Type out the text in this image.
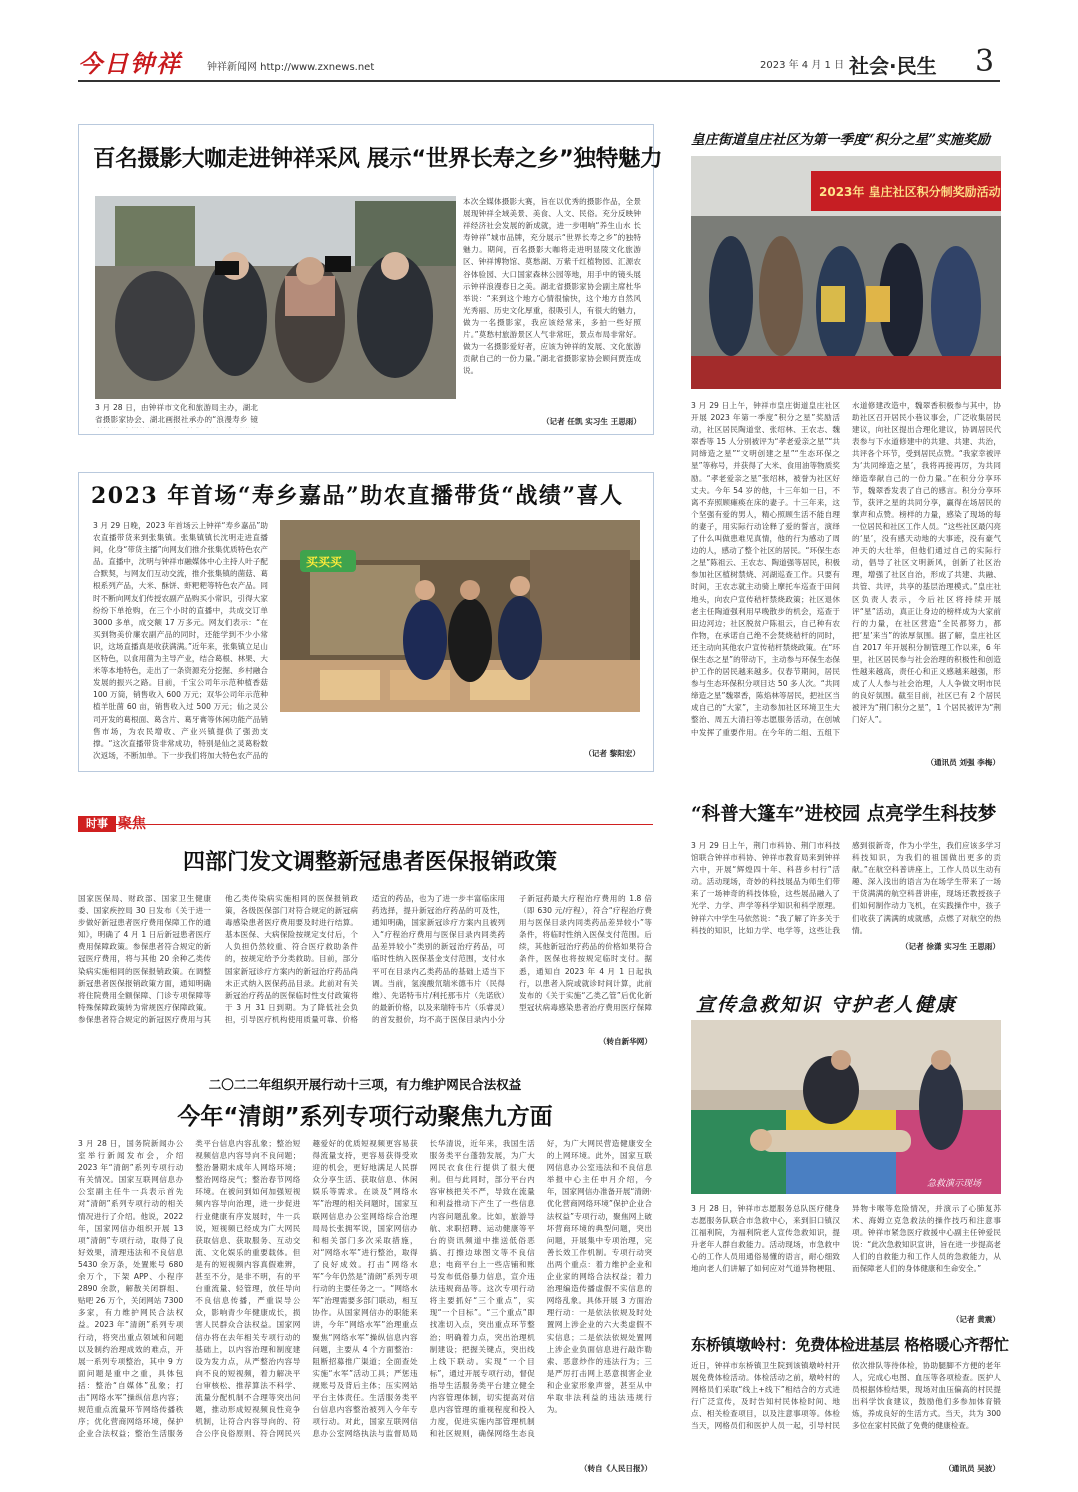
今日钟祥	钟祥新闻网 http://www.zxnews.net	2023 年 4 月 1 日 社会·民生 3
百名摄影大咖走进钟祥采风 展示“世界长寿之乡”独特魅力
3 月 28 日，由钟祥市文化和旅游局主办，湖北省摄影家协会、湖北画报社承办的“浪漫寿乡 镜
本次全媒体摄影大赛，旨在以优秀的摄影作品，全景展现钟祥全域美景、美食、人文、民俗。充分反映钟祥经济社会发展的新成就，进一步唱响“养生山水 长寿钟祥”城市品牌，充分展示“世界长寿之乡”的独特魅力。期间，百名摄影大咖将走进明显陵文化旅游区、钟祥博物馆、莫愁湖、万紫千红植物园、汇源农谷体验园、大口国家森林公园等地，用手中的镜头展示钟祥浪漫春日之美。湖北省摄影家协会副主席杜华举说：“来到这个地方心情很愉快，这个地方自然风光秀丽、历史文化厚重，很吸引人，有很大的魅力，做为一名摄影家，我应该经常来，多拍一些好照片。”莫愁村旅游景区人气非常旺，景点布局非常好。做为一名摄影爱好者，应该为钟祥的发展、文化旅游贡献自己的一份力量。”湖北省摄影家协会顾问贾连成说。
（记者 任凯 实习生 王思雨）
2023 年首场“寿乡嘉品”助农直播带货“战绩”喜人
3 月 29 日晚，2023 年首场云上钟祥“寿乡嘉品”助农直播带货来到张集镇。张集镇镇长沈明走进直播间，化身“带货主播”向网友们推介张集优质特色农产品。直播中，沈明与钟祥市融媒体中心主持人叶子配合默契，与网友们互动交流，推介张集镇的菌菇、葛根系列产品，大米、酥饼、虾粑粑等特色农产品。同时不断向网友们传授农副产品购买小常识，引得大家纷纷下单抢购，在三个小时的直播中，共成交订单 3000 多单，成交额 17 万多元。网友们表示：“在买到物美价廉农副产品的同时，还能学到不少小常识，这场直播真是收获满满。”近年来，张集镇立足山区特色，以食用菌为主导产业，结合葛根、林果、大米等本地特色，走出了一条资源充分挖掘、乡村融合发展的振兴之路。目前，千宝公司年示范种植香菇 100 万筒，销售收入 600 万元；双华公司年示范种植羊肚菌 60 亩，销售收入过 500 万元；仙之灵公司开发的葛根面、葛含片、葛牙膏等休闲功能产品销售市场，为农民增收、产业兴镇提供了强劲支撑。“这次直播带货非常成功，特别是仙之灵葛粉数次返场，不断加单。下一步我们将加大特色农产品的
买买买
（记者 黎阳宏）
时事 聚焦
四部门发文调整新冠患者医保报销政策
国家医保局、财政部、国家卫生健康委、国家疾控局 30 日发布《关于进一步做好新冠患者医疗费用保障工作的通知》，明确了 4 月 1 日后新冠患者医疗费用保障政策。参保患者符合规定的新冠医疗费用，将与其他 20 余种乙类传染病实施相同的医保报销政策。在调整新冠患者医保报销政策方面，通知明确将住院费用全额保障、门诊专项保障等特殊保障政策转为常规医疗保障政策。参保患者符合规定的新冠医疗费用与其他乙类传染病实施相同的医保报销政策，各级医保部门对符合规定的新冠病毒感染患者医疗费用要及时进行结算。基本医保、大病保险按规定支付后，个人负担仍然较重、符合医疗救助条件的，按规定给予分类救助。目前，部分国家新冠诊疗方案内的新冠治疗药品尚未正式纳入医保药品目录。此前对有关新冠治疗药品的医保临时性支付政策将于 3 月 31 日到期。为了降低社会负担，引导医疗机构使用质量可靠、价格适宜的药品，也为了进一步丰富临床用药选择，提升新冠治疗药品的可及性，通知明确，国家新冠诊疗方案内且被列入“疗程治疗费用与医保目录内同类药品差异较小”类别的新冠治疗药品，可临时性纳入医保基金支付范围，支付水平可在目录内乙类药品的基础上适当下调。当前，氢溴酸氘瑞米德韦片（民得维）、先诺特韦片/利托那韦片（先诺欣）的最新价格，以及来瑞特韦片（乐睿灵）的首发报价，均不高于医保目录内小分子新冠药最大疗程治疗费用的 1.8 倍（即 630 元/疗程），符合“疗程治疗费用与医保目录内同类药品差异较小”等条件，将临时性纳入医保支付范围。后续，其他新冠治疗药品的价格如果符合条件，医保也将按规定临时支付。据悉，通知自 2023 年 4 月 1 日起执行，以患者入院或就诊时间计算，此前发布的《关于实施“乙类乙管”后优化新型冠状病毒感染患者治疗费用医疗保障
（转自新华网）
二〇二二年组织开展行动十三项，有力维护网民合法权益
今年“清朗”系列专项行动聚焦九方面
3 月 28 日，国务院新闻办公室举行新闻发布会，介绍 2023 年“清朗”系列专项行动有关情况。国家互联网信息办公室副主任牛一兵表示首先对“清朗”系列专项行动的相关情况进行了介绍。他说，2022 年，国家网信办组织开展 13 项“清朗”专项行动，取得了良好效果，清理违法和不良信息 5430 余万条，处置账号 680 余万个，下架 APP、小程序 2890 余款，解散关闭群组、贴吧 26 万个，关闭网站 7300 多家，有力维护网民合法权益。2023 年“清朗”系列专项行动，将突出重点领域和问题以及制约治理成效的难点，开展一系列专项整治，其中 9 方面问题是重中之重，具体包括：整治“自媒体”乱象；打击“网络水军”操纵信息内容；规范重点流量环节网络传播秩序；优化营商网络环境，保护企业合法权益；整治生活服务类平台信息内容乱象；整治短视频信息内容导向不良问题；整治暑期未成年人网络环境；整治网络戾气；整治春节网络环境。在被问到如何加强短视频内容导向治理，进一步促进行业健康有序发展时，牛一兵说，短视频已经成为广大网民获取信息、获取服务、互动交流、文化娱乐的重要载体。但是有的短视频内容真假难辨，甚至不分，是非不明，有的平台重流量、轻管理，放任导向不良信息传播，严重误导公众，影响青少年健康成长，损害人民群众合法权益。国家网信办将在去年相关专项行动的基础上，以内容治理和制度建设为发力点，从严整治内容导向不良的短视频，着力解决平台审核松、推荐算法不科学、流量分配机制不合理等突出问题，推动形成短视频良性竞争机制，让符合内容导向的、符合公序良俗原则、符合网民兴趣爱好的优质短视频更容易获得流量支持，更容易获得受欢迎的机会，更好地满足人民群众分享生活、获取信息、休闲娱乐等需求。在谈及“网络水军”治理的相关问题时，国家互联网信息办公室网络综合治理局局长张拥军说，国家网信办和相关部门多次采取措施，对“网络水军”进行整治，取得了良好成效。打击“网络水军”今年仍然是“清朗”系列专项行动的主要任务之一。“网络水军”治理需要多部门联动，相互协作。从国家网信办的职能来讲，今年“网络水军”治理重点聚焦“网络水军”操纵信息内容问题，主要从 4 个方面整治：阻断招募推广渠道；全面查处实施“水军”活动工具；严惩违规账号及背后主体；压实网站平台主体责任。生活服务类平台信息内容整治被列入今年专项行动。对此，国家互联网信息办公室网络执法与监督局局长华清说，近年来，我国生活服务类平台蓬勃发展，为广大网民衣食住行提供了很大便利。但与此同时，部分平台内容审核把关不严，导致在流量和利益推动下产生了一些信息内容问题乱象。比如，旅游导航、求职招聘、运动健康等平台的资讯频道中推送低俗恶搞、打擦边球图文等不良信息；电商平台上一些店铺和账号发布低俗暴力信息，宣介违法违规商品等。这次专项行动将主要抓好“三个重点”，实现“一个目标”。“三个重点”即找准切入点，突出重点环节整治；明确着力点，突出治理机制建设；把握关键点，突出线上线下联动。实现“一个目标”，通过开展专项行动，督促指导生活服务类平台建立健全内容管理体制，切实提高对信息内容管理的重视程度和投入力度，促进实施内部管理机制和社区规则，确保网络生态良好，为广大网民营造健康安全的上网环境。此外，国家互联网信息办公室违法和不良信息举报中心主任申月介绍，今年，国家网信办准备开展“清朗·优化营商网络环境”保护企业合法权益”专项行动，聚焦网上破坏营商环境的典型问题，突出问题，开展集中专项治理，完善长效工作机制。专项行动突出两个重点：着力维护企业和企业家的网络合法权益；着力治理编造传播虚假不实信息的网络乱象。具体开展 3 方面治理行动：一是依法依规及时处置网上涉企业的六大类虚假不实信息；二是依法依规处置网上涉企业负面信息进行敲诈勒索、恶意炒作的违法行为；三是严厉打击网上恶意损害企业和企业家形象声誉，甚至从中牟取非法利益的违法违规行为。
（转自《人民日报》）
皇庄街道皇庄社区为第一季度“积分之星”实施奖励
2023年 皇庄社区积分制奖励活动
3 月 29 日上午，钟祥市皇庄街道皇庄社区开展 2023 年第一季度“积分之星”奖励活动，社区居民陶道堂、张绍林、王农志、魏翠香等 15 人分别被评为“孝老爱亲之星”“共同缔造之星”“文明创建之星”“生态环保之星”等称号，并获得了大米、食用油等物质奖励。“孝老爱亲之星”张绍林，被誉为社区好丈夫。今年 54 岁的他，十三年如一日，不离不弃照顾瘫痪在床的妻子。十三年来，这个坚强有爱的男人，精心照顾生活不能自理的妻子，用实际行动诠释了爱的誓言，演绎了什么叫做患难见真情，他的行为感动了周边的人，感动了整个社区的居民。“环保生态之星”陈祖云、王农志、陶道强等居民，积极参加社区植树禁烧、河湖巡查工作。只要有时间，王农志就主动骑上摩托车巡查于田间地头，向农户宣传秸杆禁烧政策；社区退休老主任陶道强利用早晚散步的机会，巡查于田边河边；社区脱贫户陈祖云，自己种有农作物，在承诺自己绝不会焚烧秸杆的同时，还主动向其他农户宣传秸杆禁烧政策。在“环保生态之星”的带动下，主动参与环保生态保护工作的居民越来越多。仅春节期间，居民参与生态环保积分项目达 50 多人次。“共同缔造之星”魏翠香，陈焰林等居民，把社区当成自己的“大家”，主动参加社区环境卫生大整治、周五大清扫等志愿服务活动，在创城中发挥了重要作用。在今年的二组、五组下水道修建改造中，魏翠香积极参与其中，协助社区召开居民小巷议事会，广泛收集居民建议，向社区提出合理化建议，协调居民代表参与下水道修建中的共建、共建、共治，共评各个环节，受到居民点赞。“我家幸被评为‘共同缔造之星’，我将再接再厉，为共同缔造奉献自己的一份力量。”在积分分享环节，魏翠香发表了自己的感言。积分分享环节，获评之星的共同分享，赢得在场居民的掌声和点赞。榜样的力量，感染了现场的每一位居民和社区工作人员。“这些社区最闪亮的‘星’，没有感天动地的大事迹，没有豪气冲天的大壮举，但他们通过自己的实际行动，倡导了社区文明新风，创新了社区治理，增强了社区自治，形成了共建、共融、共管、共评，共享的基层治理模式。”皇庄社区负责人表示，今后社区将持续开展评“星”活动，真正让身边的榜样成为大家前行的力量，在社区营造“全民都努力，都把‘星’来当”的浓厚氛围。据了解，皇庄社区自 2017 年开展积分制管理工作以来，6 年里，社区居民参与社会治理的积极性和创造性越来越高，责任心和正义感越来越强，形成了人人参与社会治理，人人争做文明市民的良好氛围。截至目前，社区已有 2 个居民被评为“荆门积分之星”，1 个居民被评为“荆门好人”。
（通讯员 刘强 李梅）
“科普大篷车”进校园 点亮学生科技梦
3 月 29 日上午，荆门市科协、荆门市科技馆联合钟祥市科协、钟祥市教育局来到钟祥六中，开展“辉煌四十年、科普乡村行”活动。活动现场，奇妙的科技展品为师生们带来了一场神奇的科技体验，这些展品融入了光学、力学、声学等科学知识和科学原理。钟祥六中学生马依然说：“我了解了许多关于科技的知识，比如力学、电学等，这些让我感到很新奇，作为小学生，我们应该多学习科技知识，为我们的祖国做出更多的贡献。”在航空科普讲座上，工作人员以生动有趣、深入浅出的语言为在场学生带来了一场干货满满的航空科普讲座，现场还教授孩子们如何制作动力飞机，在实践操作中，孩子们收获了满满的成就感，点燃了对航空的热情。
（记者 徐潇 实习生 王思雨）
宣传急救知识 守护老人健康
急救演示现场
3 月 28 日，钟祥市志愿服务总队医疗健身志愿服务队联合市急救中心，来到旧口镇汉江福利院，为福利院老人宣传急救知识，提升老年人群自救能力。活动现场，市急救中心的工作人员用通俗易懂的语言，耐心细致地向老人们讲解了如何应对气道异物梗阻、异物卡喉等危险情况，并演示了心肺复苏术、海姆立克急救法的操作技巧和注意事项。钟祥市紧急医疗救援中心副主任钟爱民说：“此次急救知识宣讲，旨在进一步提高老人们的自救能力和工作人员的急救能力，从而保障老人们的身体健康和生命安全。”
（记者 黄震）
东桥镇墩岭村：免费体检进基层 格格暖心齐帮忙
近日，钟祥市东桥镇卫生院到该镇墩岭村开展免费体检活动。体检活动之前，墩岭村的网格员们采取“线上+线下”相结合的方式进行广泛宣传，及时告知村民体检时间、地点、相关检查项目，以及注意事项等。体检当天，网格员们和医护人员一起，引导村民依次排队等待体检，协助腿脚不方便的老年人，完成心电图、血压等各项检查。医护人员根据体检结果，现场对血压偏高的村民提出科学饮食建议，鼓励他们多参加体育锻炼，养成良好的生活方式。当天，共为 300 多位在家村民做了免费的健康检查。
（通讯员 吴波）
